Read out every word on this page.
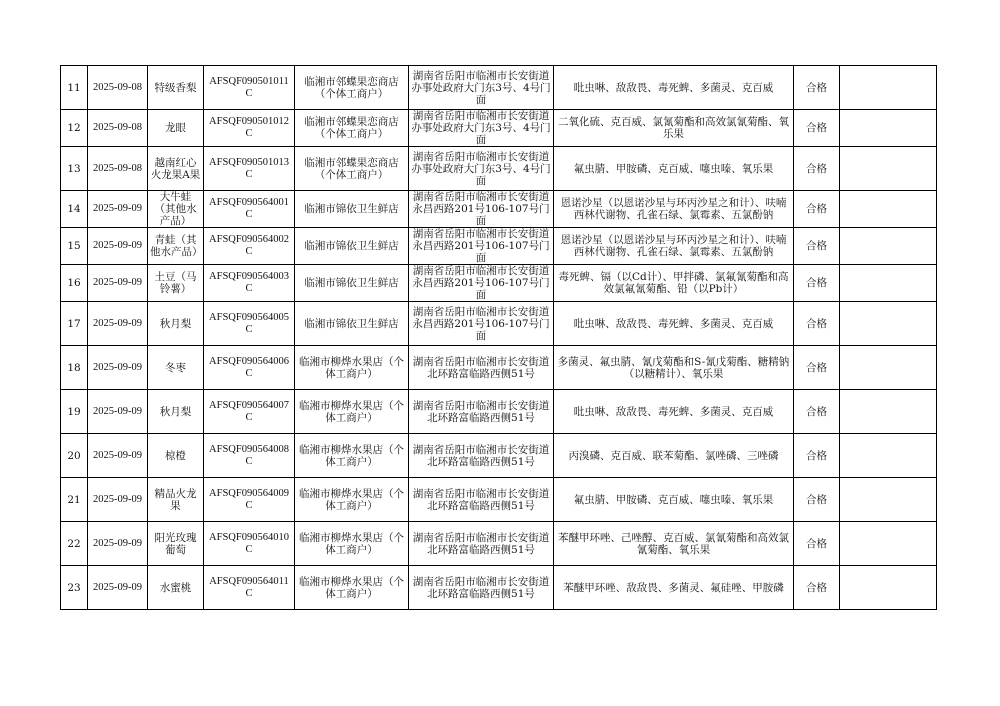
11	2025-09-08	特级香梨	AFSQF090501011C	临湘市邻蝶果恋商店（个体工商户）	湖南省岳阳市临湘市长安街道办事处政府大门东3号、4号门面	吡虫啉、敌敌畏、毒死蜱、多菌灵、克百威	合格	
12	2025-09-08	龙眼	AFSQF090501012C	临湘市邻蝶果恋商店（个体工商户）	湖南省岳阳市临湘市长安街道办事处政府大门东3号、4号门面	二氧化硫、克百威、氯氰菊酯和高效氯氰菊酯、氧乐果	合格	
13	2025-09-08	越南红心火龙果A果	AFSQF090501013C	临湘市邻蝶果恋商店（个体工商户）	湖南省岳阳市临湘市长安街道办事处政府大门东3号、4号门面	氟虫腈、甲胺磷、克百威、噻虫嗪、氧乐果	合格	
14	2025-09-09	大牛蛙（其他水产品）	AFSQF090564001C	临湘市锦依卫生鲜店	湖南省岳阳市临湘市长安街道永昌西路201号106-107号门面	恩诺沙星（以恩诺沙星与环丙沙星之和计）、呋喃西林代谢物、孔雀石绿、氯霉素、五氯酚钠	合格	
15	2025-09-09	青蛙（其他水产品）	AFSQF090564002C	临湘市锦依卫生鲜店	湖南省岳阳市临湘市长安街道永昌西路201号106-107号门面	恩诺沙星（以恩诺沙星与环丙沙星之和计）、呋喃西林代谢物、孔雀石绿、氯霉素、五氯酚钠	合格	
16	2025-09-09	土豆（马铃薯）	AFSQF090564003C	临湘市锦依卫生鲜店	湖南省岳阳市临湘市长安街道永昌西路201号106-107号门面	毒死蜱、镉（以Cd计）、甲拌磷、氯氟氰菊酯和高效氯氟氰菊酯、铅（以Pb计）	合格	
17	2025-09-09	秋月梨	AFSQF090564005C	临湘市锦依卫生鲜店	湖南省岳阳市临湘市长安街道永昌西路201号106-107号门面	吡虫啉、敌敌畏、毒死蜱、多菌灵、克百威	合格	
18	2025-09-09	冬枣	AFSQF090564006C	临湘市柳烨水果店（个体工商户）	湖南省岳阳市临湘市长安街道北环路富临路西侧51号	多菌灵、氟虫腈、氰戊菊酯和S-氰戊菊酯、糖精钠（以糖精计）、氧乐果	合格	
19	2025-09-09	秋月梨	AFSQF090564007C	临湘市柳烨水果店（个体工商户）	湖南省岳阳市临湘市长安街道北环路富临路西侧51号	吡虫啉、敌敌畏、毒死蜱、多菌灵、克百威	合格	
20	2025-09-09	椋橙	AFSQF090564008C	临湘市柳烨水果店（个体工商户）	湖南省岳阳市临湘市长安街道北环路富临路西侧51号	丙溴磷、克百威、联苯菊酯、氯唑磷、三唑磷	合格	
21	2025-09-09	精品火龙果	AFSQF090564009C	临湘市柳烨水果店（个体工商户）	湖南省岳阳市临湘市长安街道北环路富临路西侧51号	氟虫腈、甲胺磷、克百威、噻虫嗪、氧乐果	合格	
22	2025-09-09	阳光玫瑰葡萄	AFSQF090564010C	临湘市柳烨水果店（个体工商户）	湖南省岳阳市临湘市长安街道北环路富临路西侧51号	苯醚甲环唑、己唑醇、克百威、氯氰菊酯和高效氯氰菊酯、氧乐果	合格	
23	2025-09-09	水蜜桃	AFSQF090564011C	临湘市柳烨水果店（个体工商户）	湖南省岳阳市临湘市长安街道北环路富临路西侧51号	苯醚甲环唑、敌敌畏、多菌灵、氟硅唑、甲胺磷	合格	
